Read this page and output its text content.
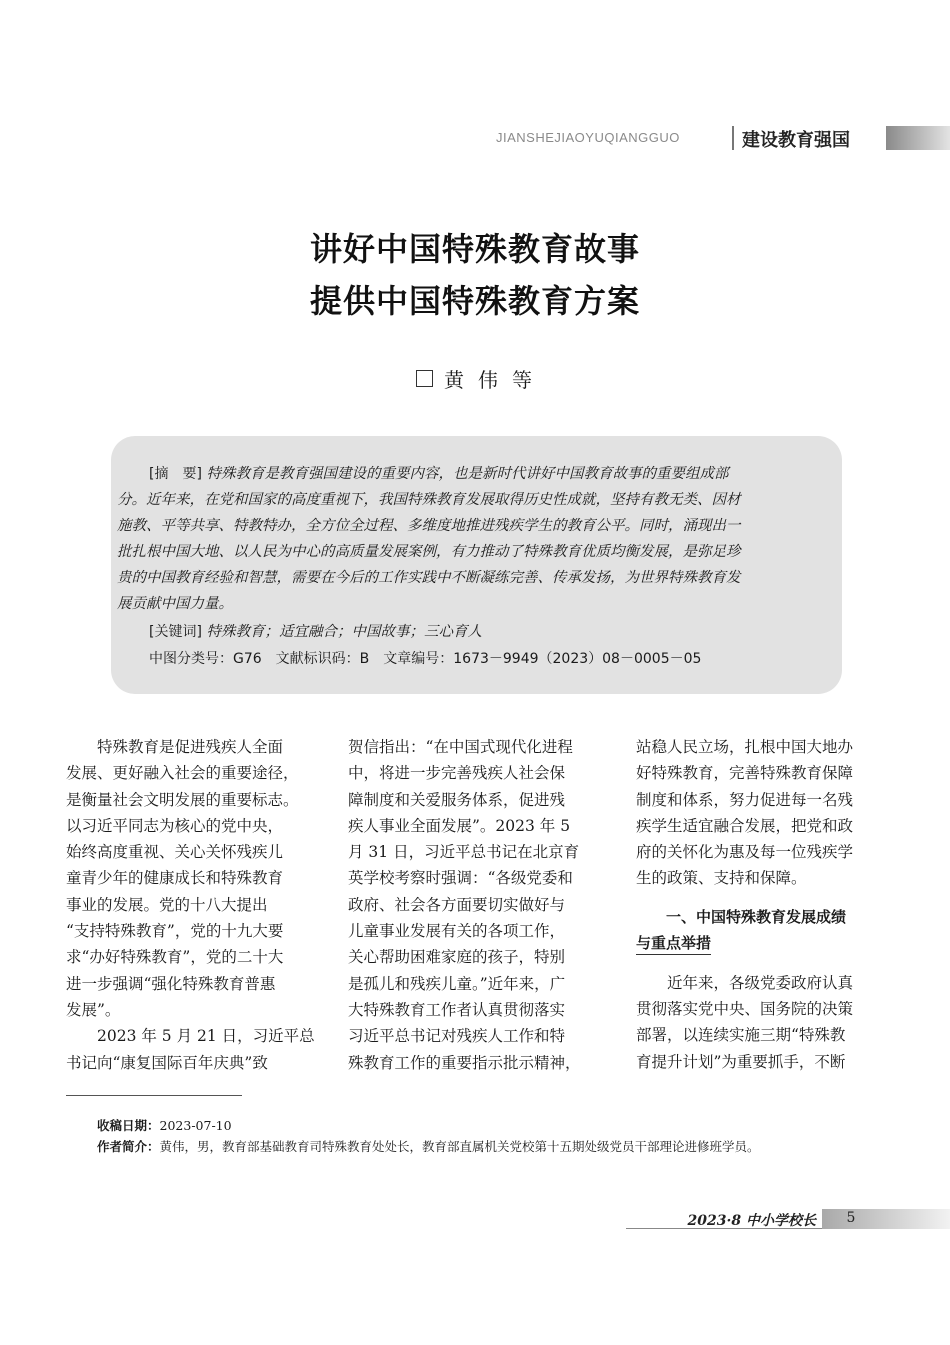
JIANSHEJIAOYUQIANGGUO	建设教育强国
讲好中国特殊教育故事
提供中国特殊教育方案
黄伟等
[摘　要] 特殊教育是教育强国建设的重要内容，也是新时代讲好中国教育故事的重要组成部
分。近年来，在党和国家的高度重视下，我国特殊教育发展取得历史性成就，坚持有教无类、因材
施教、平等共享、特教特办，全方位全过程、多维度地推进残疾学生的教育公平。同时，涌现出一
批扎根中国大地、以人民为中心的高质量发展案例，有力推动了特殊教育优质均衡发展，是弥足珍
贵的中国教育经验和智慧，需要在今后的工作实践中不断凝练完善、传承发扬，为世界特殊教育发
展贡献中国力量。
[关键词] 特殊教育；适宜融合；中国故事；三心育人
中图分类号：G76　文献标识码：B　文章编号：1673－9949（2023）08－0005－05

特殊教育是促进残疾人全面

发展、更好融入社会的重要途径，

是衡量社会文明发展的重要标志。

以习近平同志为核心的党中央，

始终高度重视、关心关怀残疾儿

童青少年的健康成长和特殊教育

事业的发展。党的十八大提出

“支持特殊教育”，党的十九大要

求“办好特殊教育”，党的二十大

进一步强调“强化特殊教育普惠

发展”。

2023 年 5 月 21 日，习近平总

书记向“康复国际百年庆典”致

贺信指出：“在中国式现代化进程

中，将进一步完善残疾人社会保

障制度和关爱服务体系，促进残

疾人事业全面发展”。2023 年 5

月 31 日，习近平总书记在北京育

英学校考察时强调：“各级党委和

政府、社会各方面要切实做好与

儿童事业发展有关的各项工作，

关心帮助困难家庭的孩子，特别

是孤儿和残疾儿童。”近年来，广

大特殊教育工作者认真贯彻落实

习近平总书记对残疾人工作和特

殊教育工作的重要指示批示精神，

站稳人民立场，扎根中国大地办

好特殊教育，完善特殊教育保障

制度和体系，努力促进每一名残

疾学生适宜融合发展，把党和政

府的关怀化为惠及每一位残疾学

生的政策、支持和保障。

一、中国特殊教育发展成绩
与重点举措

近年来，各级党委政府认真

贯彻落实党中央、国务院的决策

部署，以连续实施三期“特殊教

育提升计划”为重要抓手，不断

收稿日期：2023-07-10
作者简介：黄伟，男，教育部基础教育司特殊教育处处长，教育部直属机关党校第十五期处级党员干部理论进修班学员。
2023·8 中小学校长	5
